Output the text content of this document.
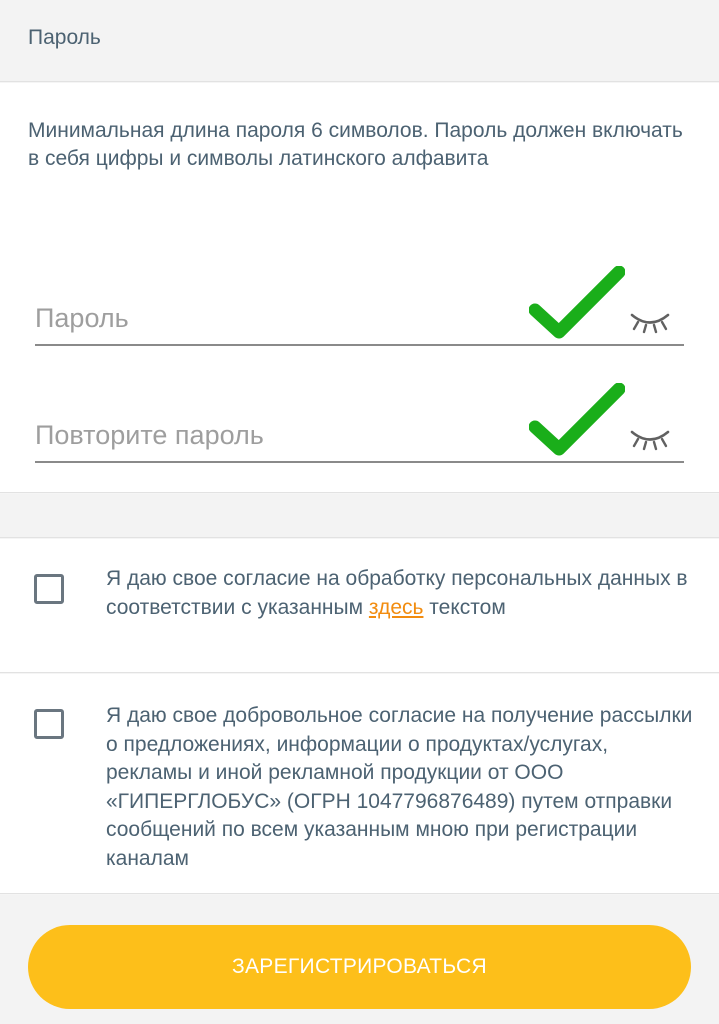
Пароль
Минимальная длина пароля 6 символов. Пароль должен включать в себя цифры и символы латинского алфавита
Я даю свое согласие на обработку персональных данных в соответствии с указанным здесь текстом
Я даю свое добровольное согласие на получение рассылки о предложениях, информации о продуктах/услугах, рекламы и иной рекламной продукции от ООО «ГИПЕРГЛОБУС» (ОГРН 1047796876489) путем отправки сообщений по всем указанным мною при регистрации каналам
ЗАРЕГИСТРИРОВАТЬСЯ
